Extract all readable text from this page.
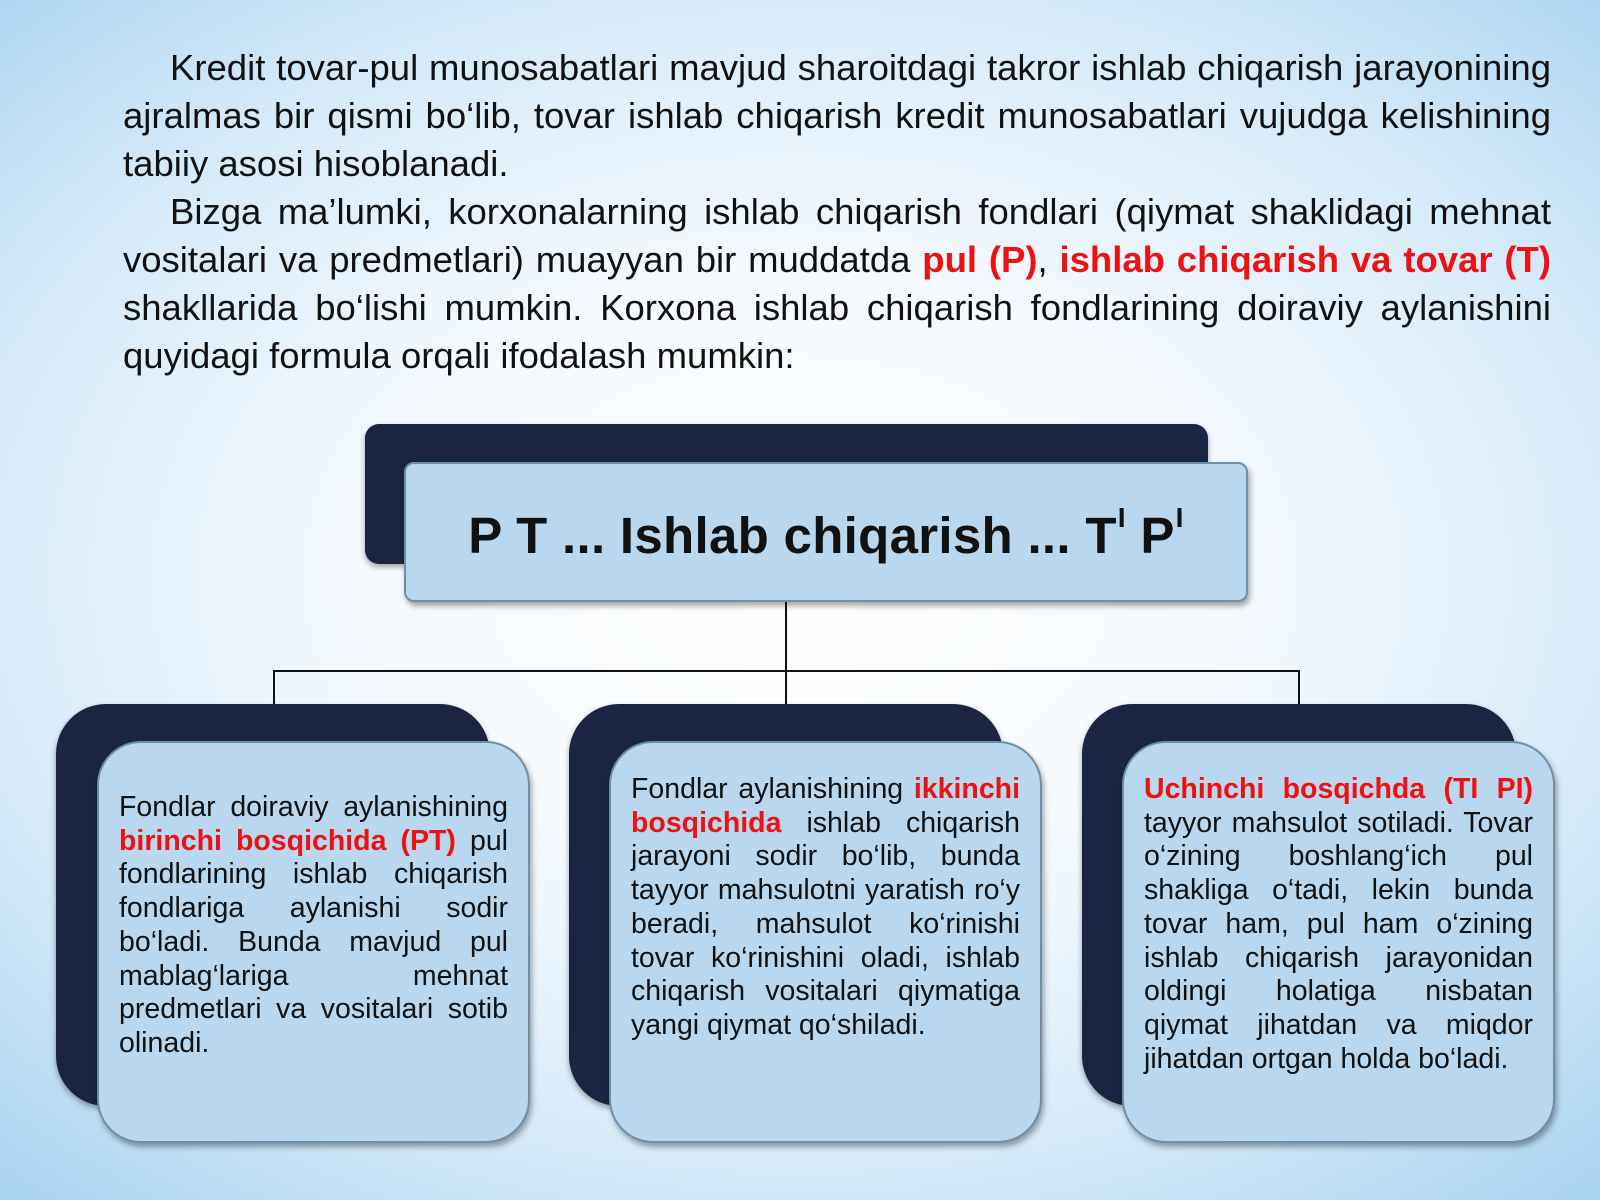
Kredit tovar-pul munosabatlari mavjud sharoitdagi takror ishlab chiqarish jarayonining ajralmas bir qismi bo‘lib, tovar ishlab chiqarish kredit munosabatlari vujudga kelishining tabiiy asosi hisoblanadi.

Bizga ma’lumki, korxonalarning ishlab chiqarish fondlari (qiymat shaklidagi mehnat vositalari va predmetlari) muayyan bir muddatda pul (P), ishlab chiqarish va tovar (T) shakllarida bo‘lishi mumkin. Korxona ishlab chiqarish fondlarining doiraviy aylanishini quyidagi formula orqali ifodalash mumkin:

P T ... Ishlab chiqarish ... $T^I$ $P^I$
Fondlar doiraviy aylanishining birinchi bosqichida (PT) pul fondlarining ishlab chiqarish fondlariga aylanishi sodir bo‘ladi. Bunda mavjud pul mablag‘lariga mehnat predmetlari va vositalari sotib olinadi.
Fondlar aylanishining ikkinchi bosqichida ishlab chiqarish jarayoni sodir bo‘lib, bunda tayyor mahsulotni yaratish ro‘y beradi, mahsulot ko‘rinishi tovar ko‘rinishini oladi, ishlab chiqarish vositalari qiymatiga yangi qiymat qo‘shiladi.
Uchinchi bosqichda (TI PI) tayyor mahsulot sotiladi. Tovar o‘zining boshlang‘ich pul shakliga o‘tadi, lekin bunda tovar ham, pul ham o‘zining ishlab chiqarish jarayonidan oldingi holatiga nisbatan qiymat jihatdan va miqdor jihatdan ortgan holda bo‘ladi.
